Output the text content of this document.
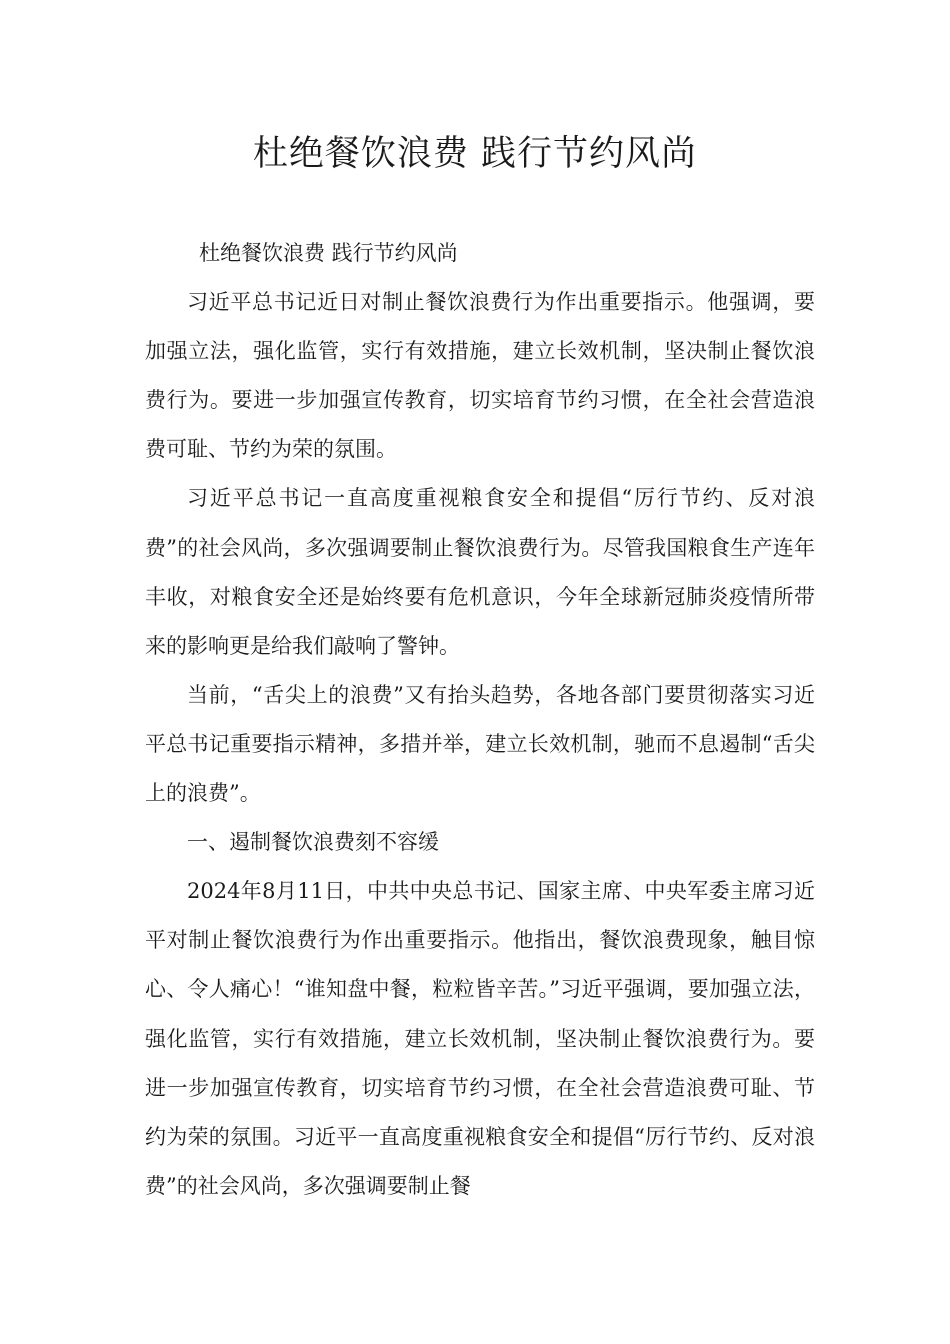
杜绝餐饮浪费 践行节约风尚

杜绝餐饮浪费 践行节约风尚

习近平总书记近日对制止餐饮浪费行为作出重要指示。他强调，要加强立法，强化监管，实行有效措施，建立长效机制，坚决制止餐饮浪费行为。要进一步加强宣传教育，切实培育节约习惯，在全社会营造浪费可耻、节约为荣的氛围。

习近平总书记一直高度重视粮食安全和提倡“厉行节约、反对浪费”的社会风尚，多次强调要制止餐饮浪费行为。尽管我国粮食生产连年丰收，对粮食安全还是始终要有危机意识，今年全球新冠肺炎疫情所带来的影响更是给我们敲响了警钟。

当前，“舌尖上的浪费”又有抬头趋势，各地各部门要贯彻落实习近平总书记重要指示精神，多措并举，建立长效机制，驰而不息遏制“舌尖上的浪费”。

一、遏制餐饮浪费刻不容缓

2024年8月11日，中共中央总书记、国家主席、中央军委主席习近平对制止餐饮浪费行为作出重要指示。他指出，餐饮浪费现象，触目惊心、令人痛心！“谁知盘中餐，粒粒皆辛苦。”习近平强调，要加强立法，强化监管，实行有效措施，建立长效机制，坚决制止餐饮浪费行为。要进一步加强宣传教育，切实培育节约习惯，在全社会营造浪费可耻、节约为荣的氛围。习近平一直高度重视粮食安全和提倡“厉行节约、反对浪费”的社会风尚，多次强调要制止餐
